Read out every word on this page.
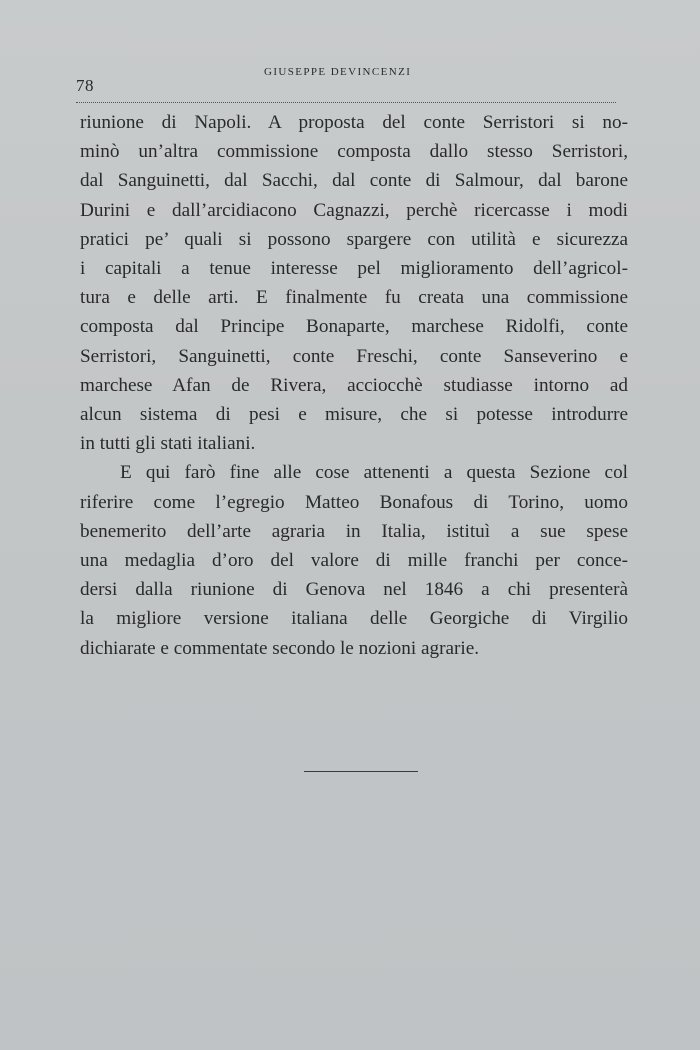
78
GIUSEPPE DEVINCENZI
riunione di Napoli. A proposta del conte Serristori si no-
minò un’altra commissione composta dallo stesso Serristori,
dal Sanguinetti, dal Sacchi, dal conte di Salmour, dal barone
Durini e dall’arcidiacono Cagnazzi, perchè ricercasse i modi
pratici pe’ quali si possono spargere con utilità e sicurezza
i capitali a tenue interesse pel miglioramento dell’agricol-
tura e delle arti. E finalmente fu creata una commissione
composta dal Principe Bonaparte, marchese Ridolfi, conte
Serristori, Sanguinetti, conte Freschi, conte Sanseverino e
marchese Afan de Rivera, acciocchè studiasse intorno ad
alcun sistema di pesi e misure, che si potesse introdurre
in tutti gli stati italiani.
E qui farò fine alle cose attenenti a questa Sezione col
riferire come l’egregio Matteo Bonafous di Torino, uomo
benemerito dell’arte agraria in Italia, istituì a sue spese
una medaglia d’oro del valore di mille franchi per conce-
dersi dalla riunione di Genova nel 1846 a chi presenterà
la migliore versione italiana delle Georgiche di Virgilio
dichiarate e commentate secondo le nozioni agrarie.
